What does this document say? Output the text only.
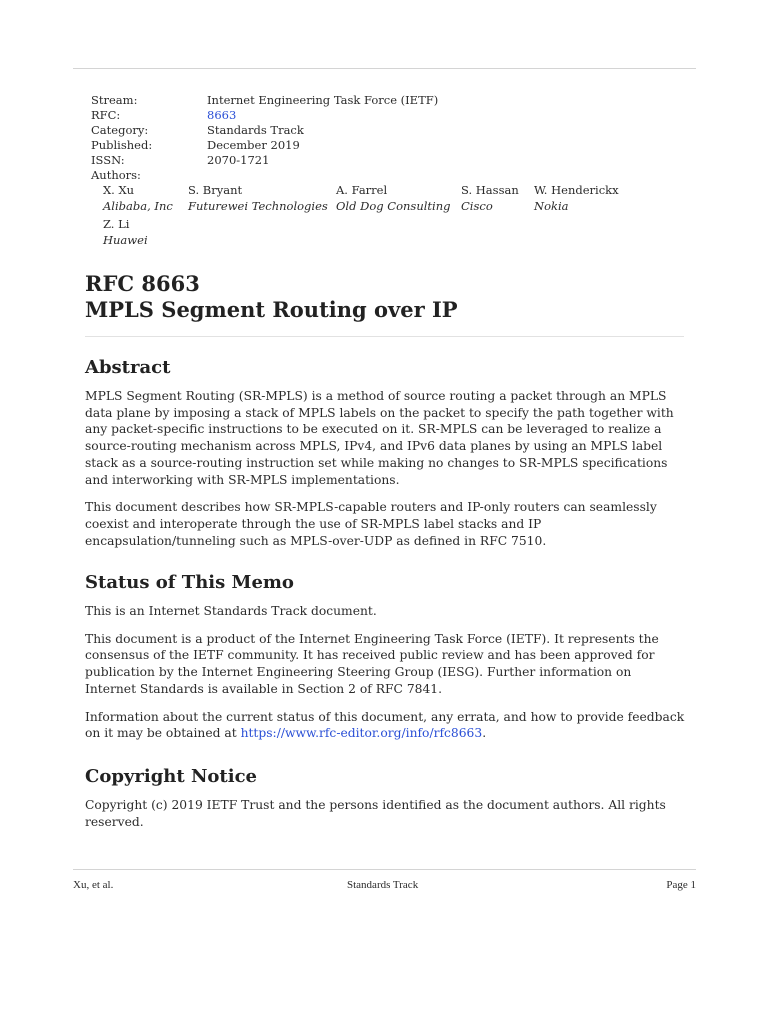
Stream:	Internet Engineering Task Force (IETF)
RFC:	8663
Category:	Standards Track
Published:	December 2019
ISSN:	2070-1721
Authors:
X. Xu
Alibaba, Inc
S. Bryant
Futurewei Technologies
A. Farrel
Old Dog Consulting
S. Hassan
Cisco
W. Henderickx
Nokia
Z. Li
Huawei
RFC 8663
MPLS Segment Routing over IP
Abstract

MPLS Segment Routing (SR-MPLS) is a method of source routing a packet through an MPLS data plane by imposing a stack of MPLS labels on the packet to specify the path together with any packet-specific instructions to be executed on it. SR-MPLS can be leveraged to realize a source-routing mechanism across MPLS, IPv4, and IPv6 data planes by using an MPLS label stack as a source-routing instruction set while making no changes to SR-MPLS specifications and interworking with SR-MPLS implementations.

This document describes how SR-MPLS-capable routers and IP-only routers can seamlessly coexist and interoperate through the use of SR-MPLS label stacks and IP encapsulation/tunneling such as MPLS-over-UDP as defined in RFC 7510.

Status of This Memo

This is an Internet Standards Track document.

This document is a product of the Internet Engineering Task Force (IETF). It represents the consensus of the IETF community. It has received public review and has been approved for publication by the Internet Engineering Steering Group (IESG). Further information on Internet Standards is available in Section 2 of RFC 7841.

Information about the current status of this document, any errata, and how to provide feedback on it may be obtained at https://www.rfc-editor.org/info/rfc8663.

Copyright Notice

Copyright (c) 2019 IETF Trust and the persons identified as the document authors. All rights reserved.

Xu, et al.	Standards Track	Page 1
